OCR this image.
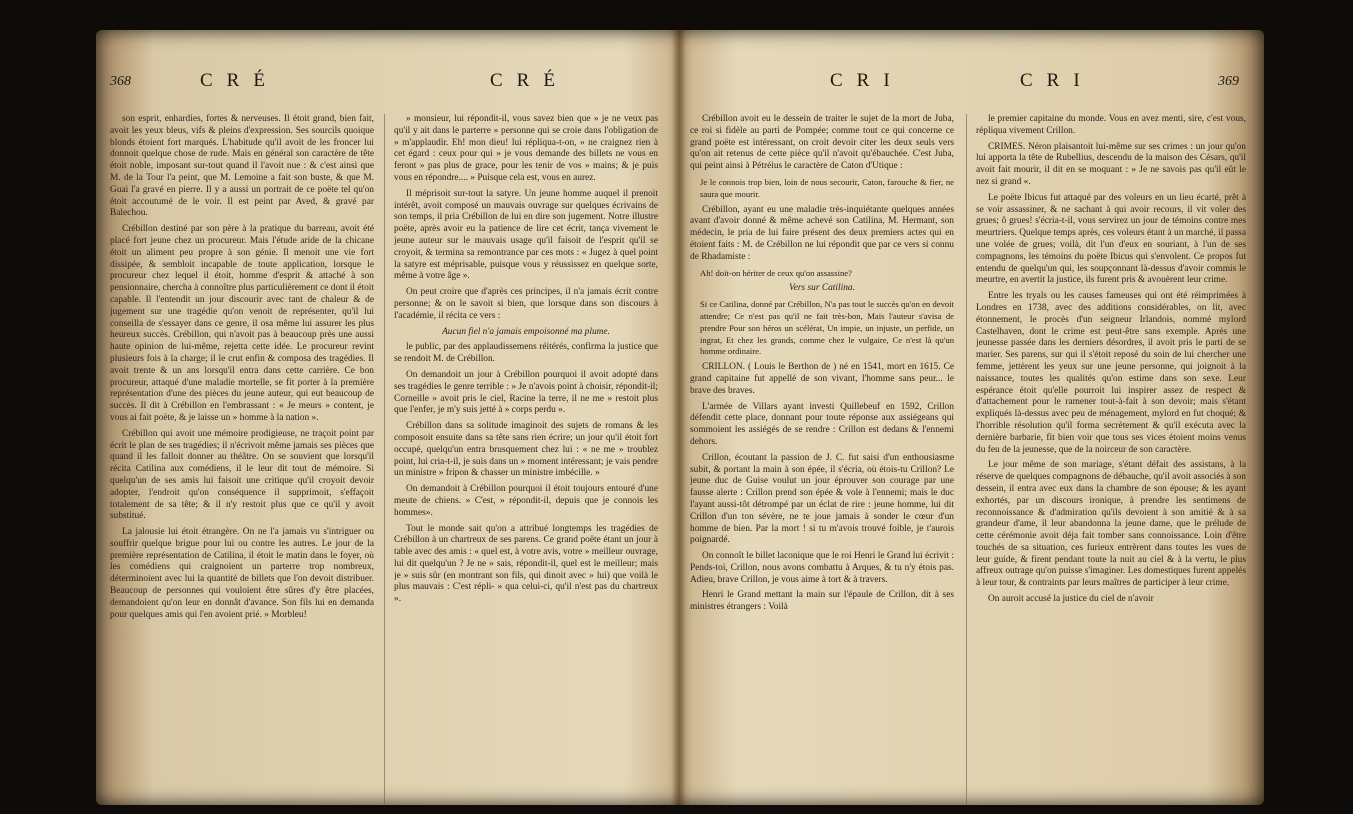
368	CRÉ	CRÉ

son esprit, enhardies, fortes & nerveuses. Il étoit grand, bien fait, avoit les yeux bleus, vifs & pleins d'expression. Ses sourcils quoique blonds étoient fort marqués. L'habitude qu'il avoit de les froncer lui donnoit quelque chose de rude. Mais en général son caractère de tête étoit noble, imposant sur-tout quand il l'avoit nue : & c'est ainsi que M. de la Tour l'a peint, que M. Lemoine a fait son buste, & que M. Guai l'a gravé en pierre. Il y a aussi un portrait de ce poëte tel qu'on étoit accoutumé de le voir. Il est peint par Aved, & gravé par Balechou.

Crébillon destiné par son père à la pratique du barreau, avoit été placé fort jeune chez un procureur. Mais l'étude aride de la chicane étoit un aliment peu propre à son génie. Il menoit une vie fort dissipée, & sembloit incapable de toute application, lorsque le procureur chez lequel il étoit, homme d'esprit & attaché à son pensionnaire, chercha à connoître plus particulièrement ce dont il étoit capable. Il l'entendit un jour discourir avec tant de chaleur & de jugement sur une tragédie qu'on venoit de représenter, qu'il lui conseilla de s'essayer dans ce genre, il osa même lui assurer les plus heureux succès. Crébillon, qui n'avoit pas à beaucoup près une aussi haute opinion de lui-même, rejetta cette idée. Le procureur revint plusieurs fois à la charge; il le crut enfin & composa des tragédies. Il avoit trente & un ans lorsqu'il entra dans cette carrière. Ce bon procureur, attaqué d'une maladie mortelle, se fit porter à la première représentation d'une des pièces du jeune auteur, qui eut beaucoup de succès. Il dit à Crébillon en l'embrassant : « Je meurs » content, je vous ai fait poëte, & je laisse un » homme à la nation ».

Crébillon qui avoit une mémoire prodigieuse, ne traçoit point par écrit le plan de ses tragédies; il n'écrivoit même jamais ses pièces que quand il les falloit donner au théâtre. On se souvient que lorsqu'il récita Catilina aux comédiens, il le leur dit tout de mémoire. Si quelqu'un de ses amis lui faisoit une critique qu'il croyoit devoir adopter, l'endroit qu'on conséquence il supprimoit, s'effaçoit totalement de sa tête; & il n'y restoit plus que ce qu'il y avoit substitué.

La jalousie lui étoit étrangère. On ne l'a jamais vu s'intriguer ou souffrir quelque brigue pour lui ou contre les autres. Le jour de la première représentation de Catilina, il étoit le matin dans le foyer, où les comédiens qui craignoient un parterre trop nombreux, déterminoient avec lui la quantité de billets que l'on devoit distribuer. Beaucoup de personnes qui vouloient être sûres d'y être placées, demandoient qu'on leur en donnât d'avance. Son fils lui en demanda pour quelques amis qui l'en avoient prié. » Morbleu!

» monsieur, lui répondit-il, vous savez bien que » je ne veux pas qu'il y ait dans le parterre » personne qui se croie dans l'obligation de » m'applaudir. Eh! mon dieu! lui répliqua-t-on, » ne craignez rien à cet égard : ceux pour qui » je vous demande des billets ne vous en feront » pas plus de grace, pour les tenir de vos » mains; & je puis vous en répondre.... » Puisque cela est, vous en aurez.

Il méprisoit sur-tout la satyre. Un jeune homme auquel il prenoit intérêt, avoit composé un mauvais ouvrage sur quelques écrivains de son temps, il pria Crébillon de lui en dire son jugement. Notre illustre poëte, après avoir eu la patience de lire cet écrit, tança vivement le jeune auteur sur le mauvais usage qu'il faisoit de l'esprit qu'il se croyoit, & termina sa remontrance par ces mots : « Jugez à quel point la satyre est méprisable, puisque vous y réussissez en quelque sorte, même à votre âge ».

On peut croire que d'après ces principes, il n'a jamais écrit contre personne; & on le savoit si bien, que lorsque dans son discours à l'académie, il récita ce vers :

Aucun fiel n'a jamais empoisonné ma plume.

le public, par des applaudissemens réitérés, confirma la justice que se rendoit M. de Crébillon.

On demandoit un jour à Crébillon pourquoi il avoit adopté dans ses tragédies le genre terrible : » Je n'avois point à choisir, répondit-il; Corneille » avoit pris le ciel, Racine la terre, il ne me » restoit plus que l'enfer, je m'y suis jetté à » corps perdu ».

Crébillon dans sa solitude imaginoit des sujets de romans & les composoit ensuite dans sa tête sans rien écrire; un jour qu'il étoit fort occupé, quelqu'un entra brusquement chez lui : « ne me » troublez point, lui cria-t-il, je suis dans un » moment intéressant; je vais pendre un ministre » fripon & chasser un ministre imbécille. »

On demandoit à Crébillon pourquoi il étoit toujours entouré d'une meute de chiens. » C'est, » répondit-il, depuis que je connois les hommes».

Tout le monde sait qu'on a attribué longtemps les tragédies de Crébillon à un chartreux de ses parens. Ce grand poëte étant un jour à table avec des amis : « quel est, à votre avis, votre » meilleur ouvrage, lui dit quelqu'un ? Je ne » sais, répondit-il, quel est le meilleur; mais je » suis sûr (en montrant son fils, qui dinoit avec » lui) que voilà le plus mauvais : C'est répli- » qua celui-ci, qu'il n'est pas du chartreux ».

CRI	CRI	369

Crébillon avoit eu le dessein de traiter le sujet de la mort de Juba, ce roi si fidèle au parti de Pompée; comme tout ce qui concerne ce grand poëte est intéressant, on croit devoir citer les deux seuls vers qu'on ait retenus de cette pièce qu'il n'avoit qu'ébauchée. C'est Juba, qui peint ainsi à Pétréius le caractère de Caton d'Utique :

Je le connois trop bien, loin de nous secourir, Caton, farouche & fier, ne saura que mourir.

Crébillon, ayant eu une maladie très-inquiétante quelques années avant d'avoir donné & même achevé son Catilina, M. Hermant, son médecin, le pria de lui faire présent des deux premiers actes qui en étoient faits : M. de Crébillon ne lui répondit que par ce vers si connu de Rhadamiste :

Ah! doit-on hériter de ceux qu'on assassine?

Vers sur Catilina.

Si ce Catilina, donné par Crébillon, N'a pas tout le succès qu'on en devoit attendre; Ce n'est pas qu'il ne fait très-bon, Mais l'auteur s'avisa de prendre Pour son héros un scélérat, Un impie, un injuste, un perfide, un ingrat, Et chez les grands, comme chez le vulgaire, Ce n'est là qu'un homme ordinaire.

CRILLON. ( Louis le Berthon de ) né en 1541, mort en 1615. Ce grand capitaine fut appellé de son vivant, l'homme sans peur... le brave des braves.

L'armée de Villars ayant investi Quillebeuf en 1592, Crillon défendit cette place, donnant pour toute réponse aux assiégeans qui sommoient les assiégés de se rendre : Crillon est dedans & l'ennemi dehors.

Crillon, écoutant la passion de J. C. fut saisi d'un enthousiasme subit, & portant la main à son épée, il s'écria, où étois-tu Crillon? Le jeune duc de Guise voulut un jour éprouver son courage par une fausse alerte : Crillon prend son épée & vole à l'ennemi; mais le duc l'ayant aussi-tôt détrompé par un éclat de rire : jeune homme, lui dit Crillon d'un ton sévère, ne te joue jamais à sonder le cœur d'un homme de bien. Par la mort ! si tu m'avois trouvé foible, je t'aurois poignardé.

On connoît le billet laconique que le roi Henri le Grand lui écrivit : Pends-toi, Crillon, nous avons combattu à Arques, & tu n'y étois pas. Adieu, brave Crillon, je vous aime à tort & à travers.

Henri le Grand mettant la main sur l'épaule de Crillon, dit à ses ministres étrangers : Voilà

le premier capitaine du monde. Vous en avez menti, sire, c'est vous, répliqua vivement Crillon.

CRIMES. Néron plaisantoit lui-même sur ses crimes : un jour qu'on lui apporta la tête de Rubellius, descendu de la maison des Césars, qu'il avoit fait mourir, il dit en se moquant : » Je ne savois pas qu'il eût le nez si grand «.

Le poëte Ibicus fut attaqué par des voleurs en un lieu écarté, prêt à se voir assassiner, & ne sachant à qui avoir recours, il vit voler des grues; ô grues! s'écria-t-il, vous servirez un jour de témoins contre mes meurtriers. Quelque temps après, ces voleurs étant à un marché, il passa une volée de grues; voilà, dit l'un d'eux en souriant, à l'un de ses compagnons, les témoins du poëte Ibicus qui s'envolent. Ce propos fut entendu de quelqu'un qui, les soupçonnant là-dessus d'avoir commis le meurtre, en avertit la justice, ils furent pris & avouèrent leur crime.

Entre les tryals ou les causes fameuses qui ont été réimprimées à Londres en 1738, avec des additions considérables, on lit, avec étonnement, le procès d'un seigneur Irlandois, nommé mylord Castelhaven, dont le crime est peut-être sans exemple. Après une jeunesse passée dans les derniers désordres, il avoit pris le parti de se marier. Ses parens, sur qui il s'étoit reposé du soin de lui chercher une femme, jettèrent les yeux sur une jeune personne, qui joignoit à la naissance, toutes les qualités qu'on estime dans son sexe. Leur espérance étoit qu'elle pourroit lui inspirer assez de respect & d'attachement pour le ramener tout-à-fait à son devoir; mais s'étant expliqués là-dessus avec peu de ménagement, mylord en fut choqué; & l'horrible résolution qu'il forma secrètement & qu'il exécuta avec la dernière barbarie, fit bien voir que tous ses vices étoient moins venus du feu de la jeunesse, que de la noirceur de son caractère.

Le jour même de son mariage, s'étant défait des assistans, à la réserve de quelques compagnons de débauche, qu'il avoit associés à son dessein, il entra avec eux dans la chambre de son épouse; & les ayant exhortés, par un discours ironique, à prendre les sentimens de reconnoissance & d'admiration qu'ils devoient à son amitié & à sa grandeur d'ame, il leur abandonna la jeune dame, que le prélude de cette cérémonie avoit déja fait tomber sans connoissance. Loin d'être touchés de sa situation, ces furieux entrèrent dans toutes les vues de leur guide, & firent pendant toute la nuit au ciel & à la vertu, le plus affreux outrage qu'on puisse s'imaginer. Les domestiques furent appelés à leur tour, & contraints par leurs maîtres de participer à leur crime.

On auroit accusé la justice du ciel de n'avoir
